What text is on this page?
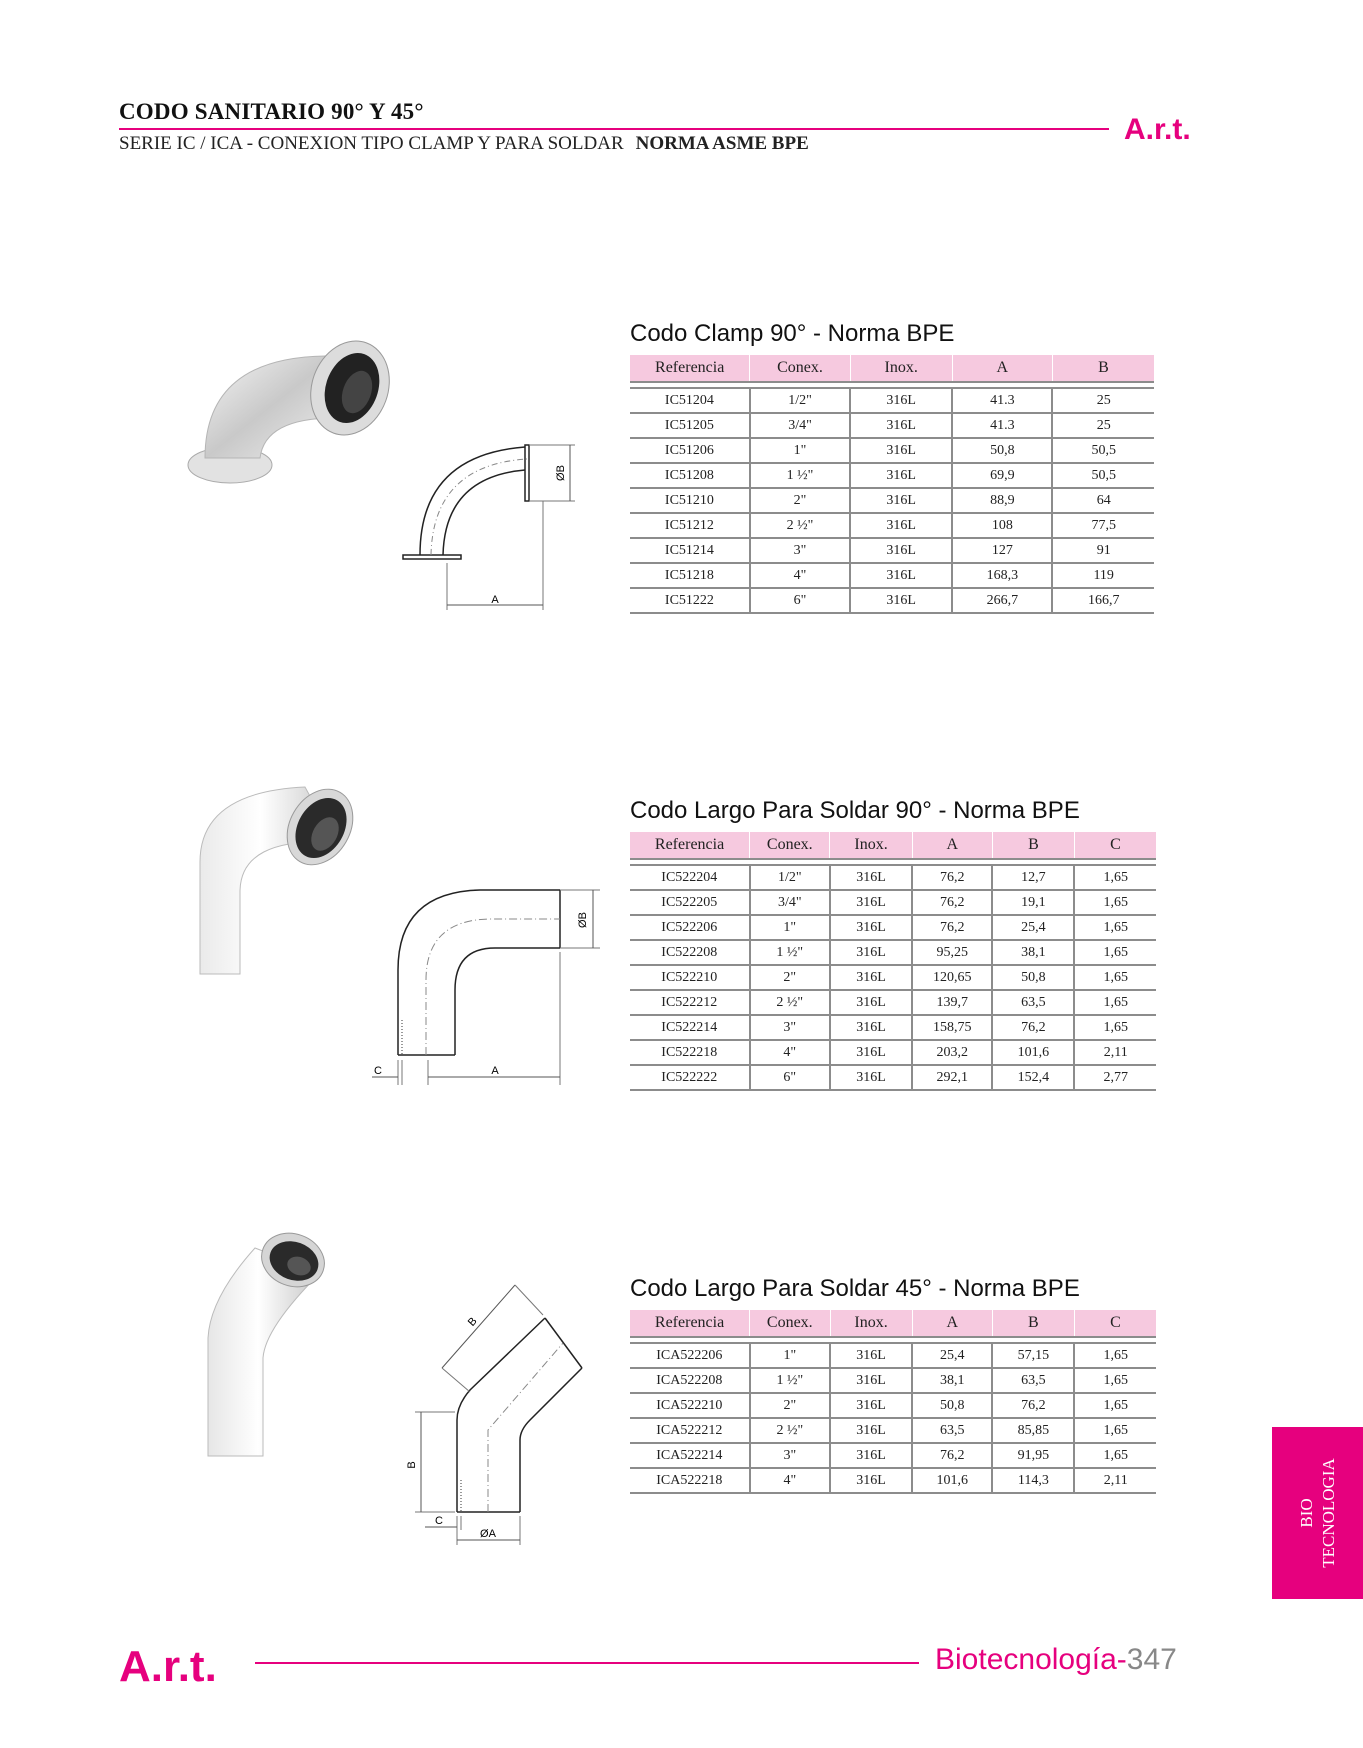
CODO SANITARIO 90° Y 45°
SERIE IC / ICA - CONEXION TIPO CLAMP Y PARA SOLDAR NORMA ASME BPE	A.r.t.
A
ØB
Codo Clamp 90° - Norma BPE
Referencia	Conex.	Inox.	A	B

IC51204	1/2"	316L	41.3	25
IC51205	3/4"	316L	41.3	25
IC51206	1"	316L	50,8	50,5
IC51208	1 ½"	316L	69,9	50,5
IC51210	2"	316L	88,9	64
IC51212	2 ½"	316L	108	77,5
IC51214	3"	316L	127	91
IC51218	4"	316L	168,3	119
IC51222	6"	316L	266,7	166,7
C	A
ØB
Codo Largo Para Soldar 90° - Norma BPE
Referencia	Conex.	Inox.	A	B	C

IC522204	1/2"	316L	76,2	12,7	1,65
IC522205	3/4"	316L	76,2	19,1	1,65
IC522206	1"	316L	76,2	25,4	1,65
IC522208	1 ½"	316L	95,25	38,1	1,65
IC522210	2"	316L	120,65	50,8	1,65
IC522212	2 ½"	316L	139,7	63,5	1,65
IC522214	3"	316L	158,75	76,2	1,65
IC522218	4"	316L	203,2	101,6	2,11
IC522222	6"	316L	292,1	152,4	2,77
B
B
C
ØA
Codo Largo Para Soldar 45° - Norma BPE
Referencia	Conex.	Inox.	A	B	C

ICA522206	1"	316L	25,4	57,15	1,65
ICA522208	1 ½"	316L	38,1	63,5	1,65
ICA522210	2"	316L	50,8	76,2	1,65
ICA522212	2 ½"	316L	63,5	85,85	1,65
ICA522214	3"	316L	76,2	91,95	1,65
ICA522218	4"	316L	101,6	114,3	2,11
BIO TECNOLOGIA
A.r.t.	Biotecnología-347
